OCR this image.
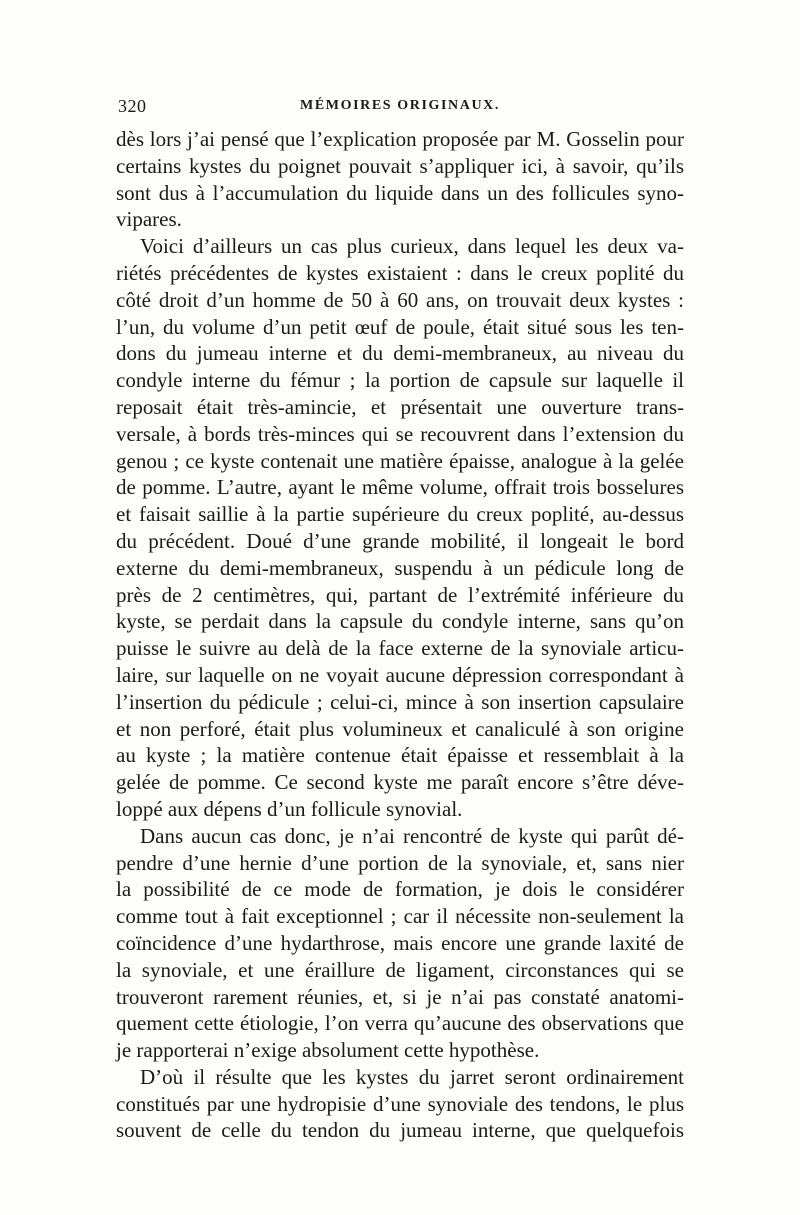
320	MÉMOIRES ORIGINAUX.
dès lors j’ai pensé que l’explication proposée par M. Gosselin pour
certains kystes du poignet pouvait s’appliquer ici, à savoir, qu’ils
sont dus à l’accumulation du liquide dans un des follicules syno-
vipares.
Voici d’ailleurs un cas plus curieux, dans lequel les deux va-
riétés précédentes de kystes existaient : dans le creux poplité du
côté droit d’un homme de 50 à 60 ans, on trouvait deux kystes :
l’un, du volume d’un petit œuf de poule, était situé sous les ten-
dons du jumeau interne et du demi-membraneux, au niveau du
condyle interne du fémur ; la portion de capsule sur laquelle il
reposait était très-amincie, et présentait une ouverture trans-
versale, à bords très-minces qui se recouvrent dans l’extension du
genou ; ce kyste contenait une matière épaisse, analogue à la gelée
de pomme. L’autre, ayant le même volume, offrait trois bosselures
et faisait saillie à la partie supérieure du creux poplité, au-dessus
du précédent. Doué d’une grande mobilité, il longeait le bord
externe du demi-membraneux, suspendu à un pédicule long de
près de 2 centimètres, qui, partant de l’extrémité inférieure du
kyste, se perdait dans la capsule du condyle interne, sans qu’on
puisse le suivre au delà de la face externe de la synoviale articu-
laire, sur laquelle on ne voyait aucune dépression correspondant à
l’insertion du pédicule ; celui-ci, mince à son insertion capsulaire
et non perforé, était plus volumineux et canaliculé à son origine
au kyste ; la matière contenue était épaisse et ressemblait à la
gelée de pomme. Ce second kyste me paraît encore s’être déve-
loppé aux dépens d’un follicule synovial.
Dans aucun cas donc, je n’ai rencontré de kyste qui parût dé-
pendre d’une hernie d’une portion de la synoviale, et, sans nier
la possibilité de ce mode de formation, je dois le considérer
comme tout à fait exceptionnel ; car il nécessite non-seulement la
coïncidence d’une hydarthrose, mais encore une grande laxité de
la synoviale, et une éraillure de ligament, circonstances qui se
trouveront rarement réunies, et, si je n’ai pas constaté anatomi-
quement cette étiologie, l’on verra qu’aucune des observations que
je rapporterai n’exige absolument cette hypothèse.
D’où il résulte que les kystes du jarret seront ordinairement
constitués par une hydropisie d’une synoviale des tendons, le plus
souvent de celle du tendon du jumeau interne, que quelquefois
